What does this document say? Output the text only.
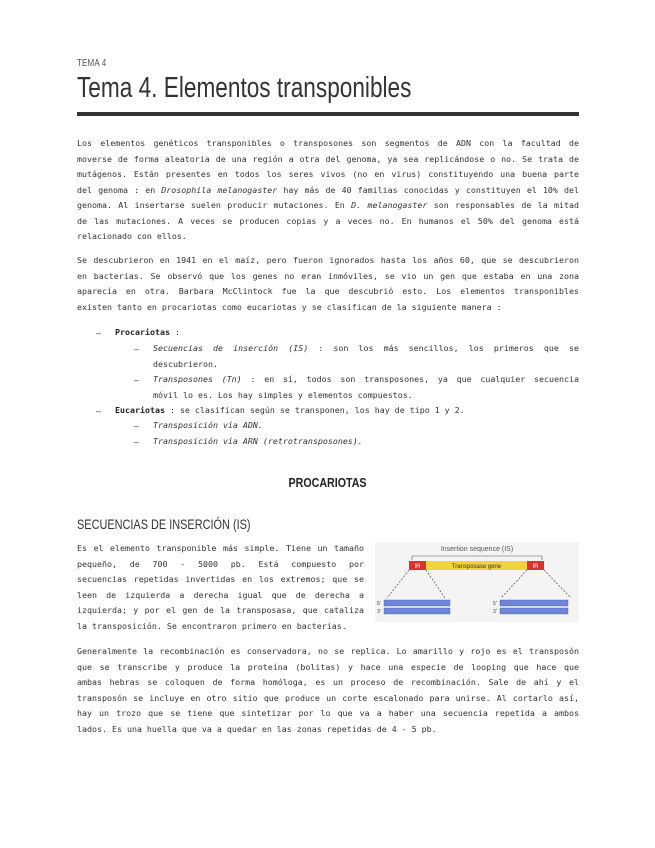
TEMA 4
Tema 4. Elementos transponibles
Los elementos genéticos transponibles o transposones son segmentos de ADN con la facultad de
moverse de forma aleatoria de una región a otra del genoma, ya sea replicándose o no. Se trata de
mutágenos. Están presentes en todos los seres vivos (no en virus) constituyendo una buena parte
del genoma : en Drosophila melanogaster hay más de 40 familias conocidas y constituyen el 10% del
genoma. Al insertarse suelen producir mutaciones. En D. melanogaster son responsables de la mitad
de las mutaciones. A veces se producen copias y a veces no. En humanos el 50% del genoma está
relacionado con ellos.
Se descubrieron en 1941 en el maíz, pero fueron ignorados hasta los años 60, que se descubrieron
en bacterias. Se observó que los genes no eran inmóviles, se vio un gen que estaba en una zona
aparecía en otra. Barbara McClintock fue la que descubrió esto. Los elementos transponibles
existen tanto en procariotas como eucariotas y se clasifican de la siguiente manera :
– Procariotas :
– Secuencias de inserción (IS) : son los más sencillos, los primeros que se
descubrieron.
– Transposones (Tn) : en sí, todos son transposones, ya que cualquier secuencia
móvil lo es. Los hay simples y elementos compuestos.
– Eucariotas : se clasifican según se transponen, los hay de tipo 1 y 2.
– Transposición vía ADN.
– Transposición vía ARN (retrotransposones).
PROCARIOTAS
SECUENCIAS DE INSERCIÓN (IS)
Es el elemento transponible más simple. Tiene un tamaño
pequeño, de 700 - 5000 pb. Está compuesto por
secuencias repetidas invertidas en los extremos; que se
leen de izquierda a derecha igual que de derecha a
izquierda; y por el gen de la transposasa, que cataliza
la transposición. Se encontraron primero en bacterias.
Insertion sequence (IS)
IR	Transposase gene	IR
5'
3'
5'
3'
Generalmente la recombinación es conservadora, no se replica. Lo amarillo y rojo es el transposón
que se transcribe y produce la proteína (bolitas) y hace una especie de looping que hace que
ambas hebras se coloquen de forma homóloga, es un proceso de recombinación. Sale de ahí y el
transposón se incluye en otro sitio que produce un corte escalonado para unirse. Al cortarlo así,
hay un trozo que se tiene que sintetizar por lo que va a haber una secuencia repetida a ambos
lados. Es una huella que va a quedar en las zonas repetidas de 4 - 5 pb.
